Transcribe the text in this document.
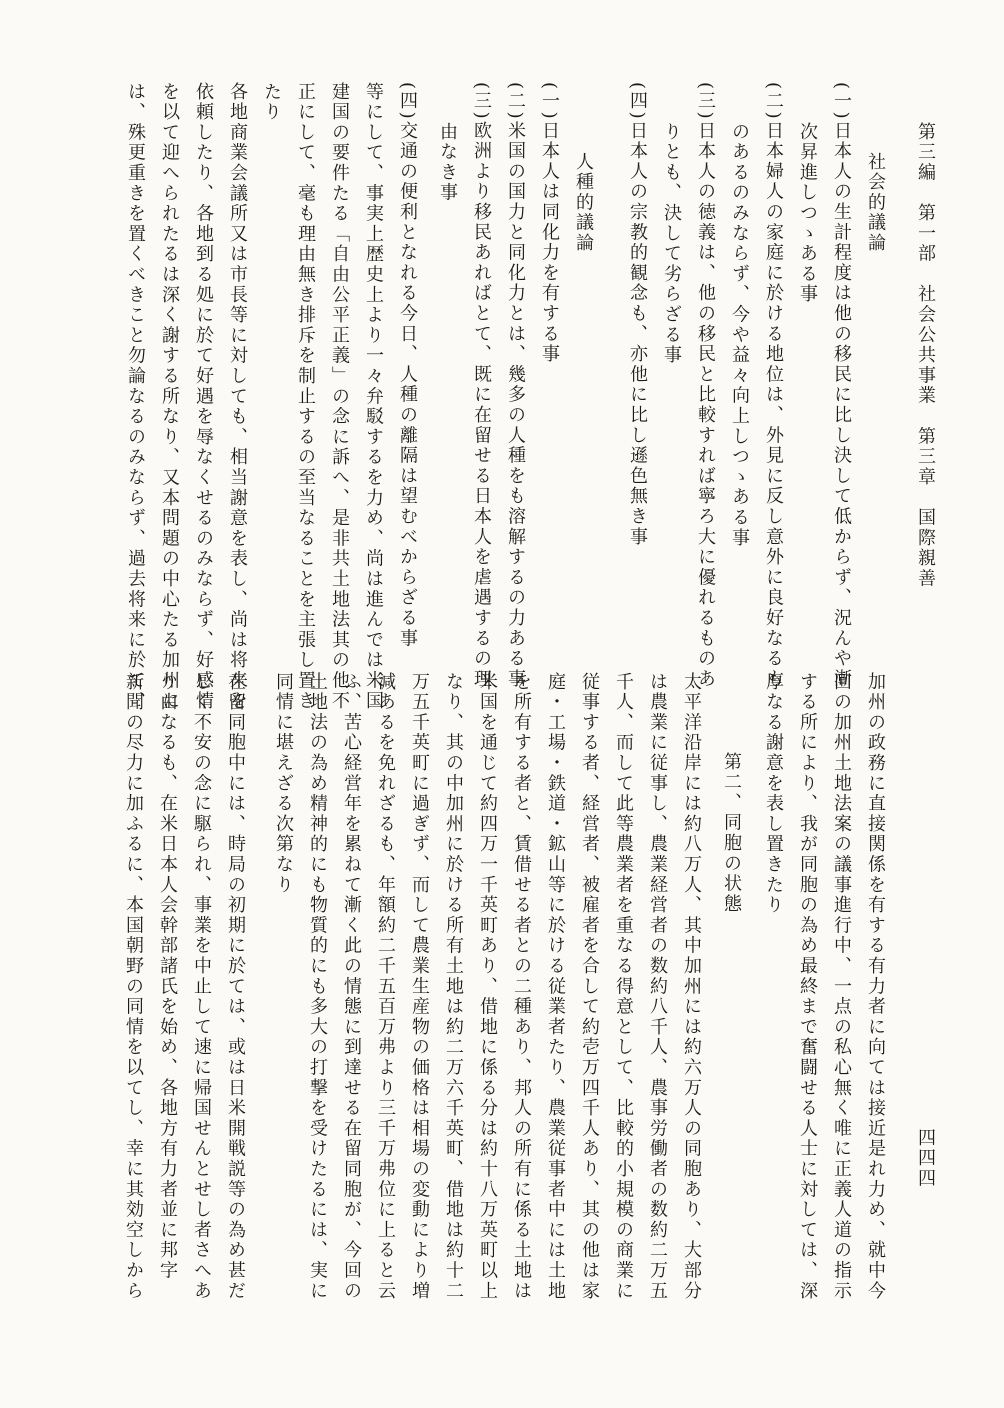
第三編　第一部　社会公共事業　第三章　国際親善
四四四
社会的議論
(一)日本人の生計程度は他の移民に比し決して低からず、況んや漸
次昇進しつゝある事
(二)日本婦人の家庭に於ける地位は、外見に反し意外に良好なるも
のあるのみならず、今や益々向上しつゝある事
(三)日本人の徳義は、他の移民と比較すれば寧ろ大に優れるものあ
りとも、決して劣らざる事
(四)日本人の宗教的観念も、亦他に比し遜色無き事
人種的議論
(一)日本人は同化力を有する事
(二)米国の国力と同化力とは、幾多の人種をも溶解するの力ある事
(三)欧洲より移民あればとて、既に在留せる日本人を虐遇するの理
由なき事
(四)交通の便利となれる今日、人種の離隔は望むべからざる事
等にして、事実上歴史上より一々弁駁するを力め、尚は進んでは米国
建国の要件たる「自由公平正義」の念に訴へ、是非共土地法其の他不
正にして、毫も理由無き排斥を制止するの至当なることを主張し置き
たり
各地商業会議所又は市長等に対しても、相当謝意を表し、尚は将来を
依頼したり、各地到る処に於て好遇を辱なくせるのみならず、好感情
を以て迎へられたるは深く謝する所なり、又本問題の中心たる加州に
は、殊更重きを置くべきこと勿論なるのみならず、過去将来に於て、
加州の政務に直接関係を有する有力者に向ては接近是れ力め、就中今
回の加州土地法案の議事進行中、一点の私心無く唯に正義人道の指示
する所により、我が同胞の為め最終まで奮闘せる人士に対しては、深
厚なる謝意を表し置きたり
第二、同胞の状態
太平洋沿岸には約八万人、其中加州には約六万人の同胞あり、大部分
は農業に従事し、農業経営者の数約八千人、農事労働者の数約二万五
千人、而して此等農業者を重なる得意として、比較的小規模の商業に
従事する者、経営者、被雇者を合して約壱万四千人あり、其の他は家
庭・工場・鉄道・鉱山等に於ける従業者たり、農業従事者中には土地
を所有する者と、賃借せる者との二種あり、邦人の所有に係る土地は
米国を通じて約四万一千英町あり、借地に係る分は約十八万英町以上
なり、其の中加州に於ける所有土地は約二万六千英町、借地は約十二
万五千英町に過ぎず、而して農業生産物の価格は相場の変動により増
減あるを免れざるも、年額約二千五百万弗より三千万弗位に上ると云
ふ、苦心経営年を累ねて漸く此の情態に到達せる在留同胞が、今回の
土地法の為め精神的にも物質的にも多大の打撃を受けたるには、実に
同情に堪えざる次第なり
在留同胞中には、時局の初期に於ては、或は日米開戦説等の為め甚だ
しく不安の念に駆られ、事業を中止して速に帰国せんとせし者さへあ
り由なるも、在米日本人会幹部諸氏を始め、各地方有力者並に邦字
新聞の尽力に加ふるに、本国朝野の同情を以てし、幸に其効空しから
